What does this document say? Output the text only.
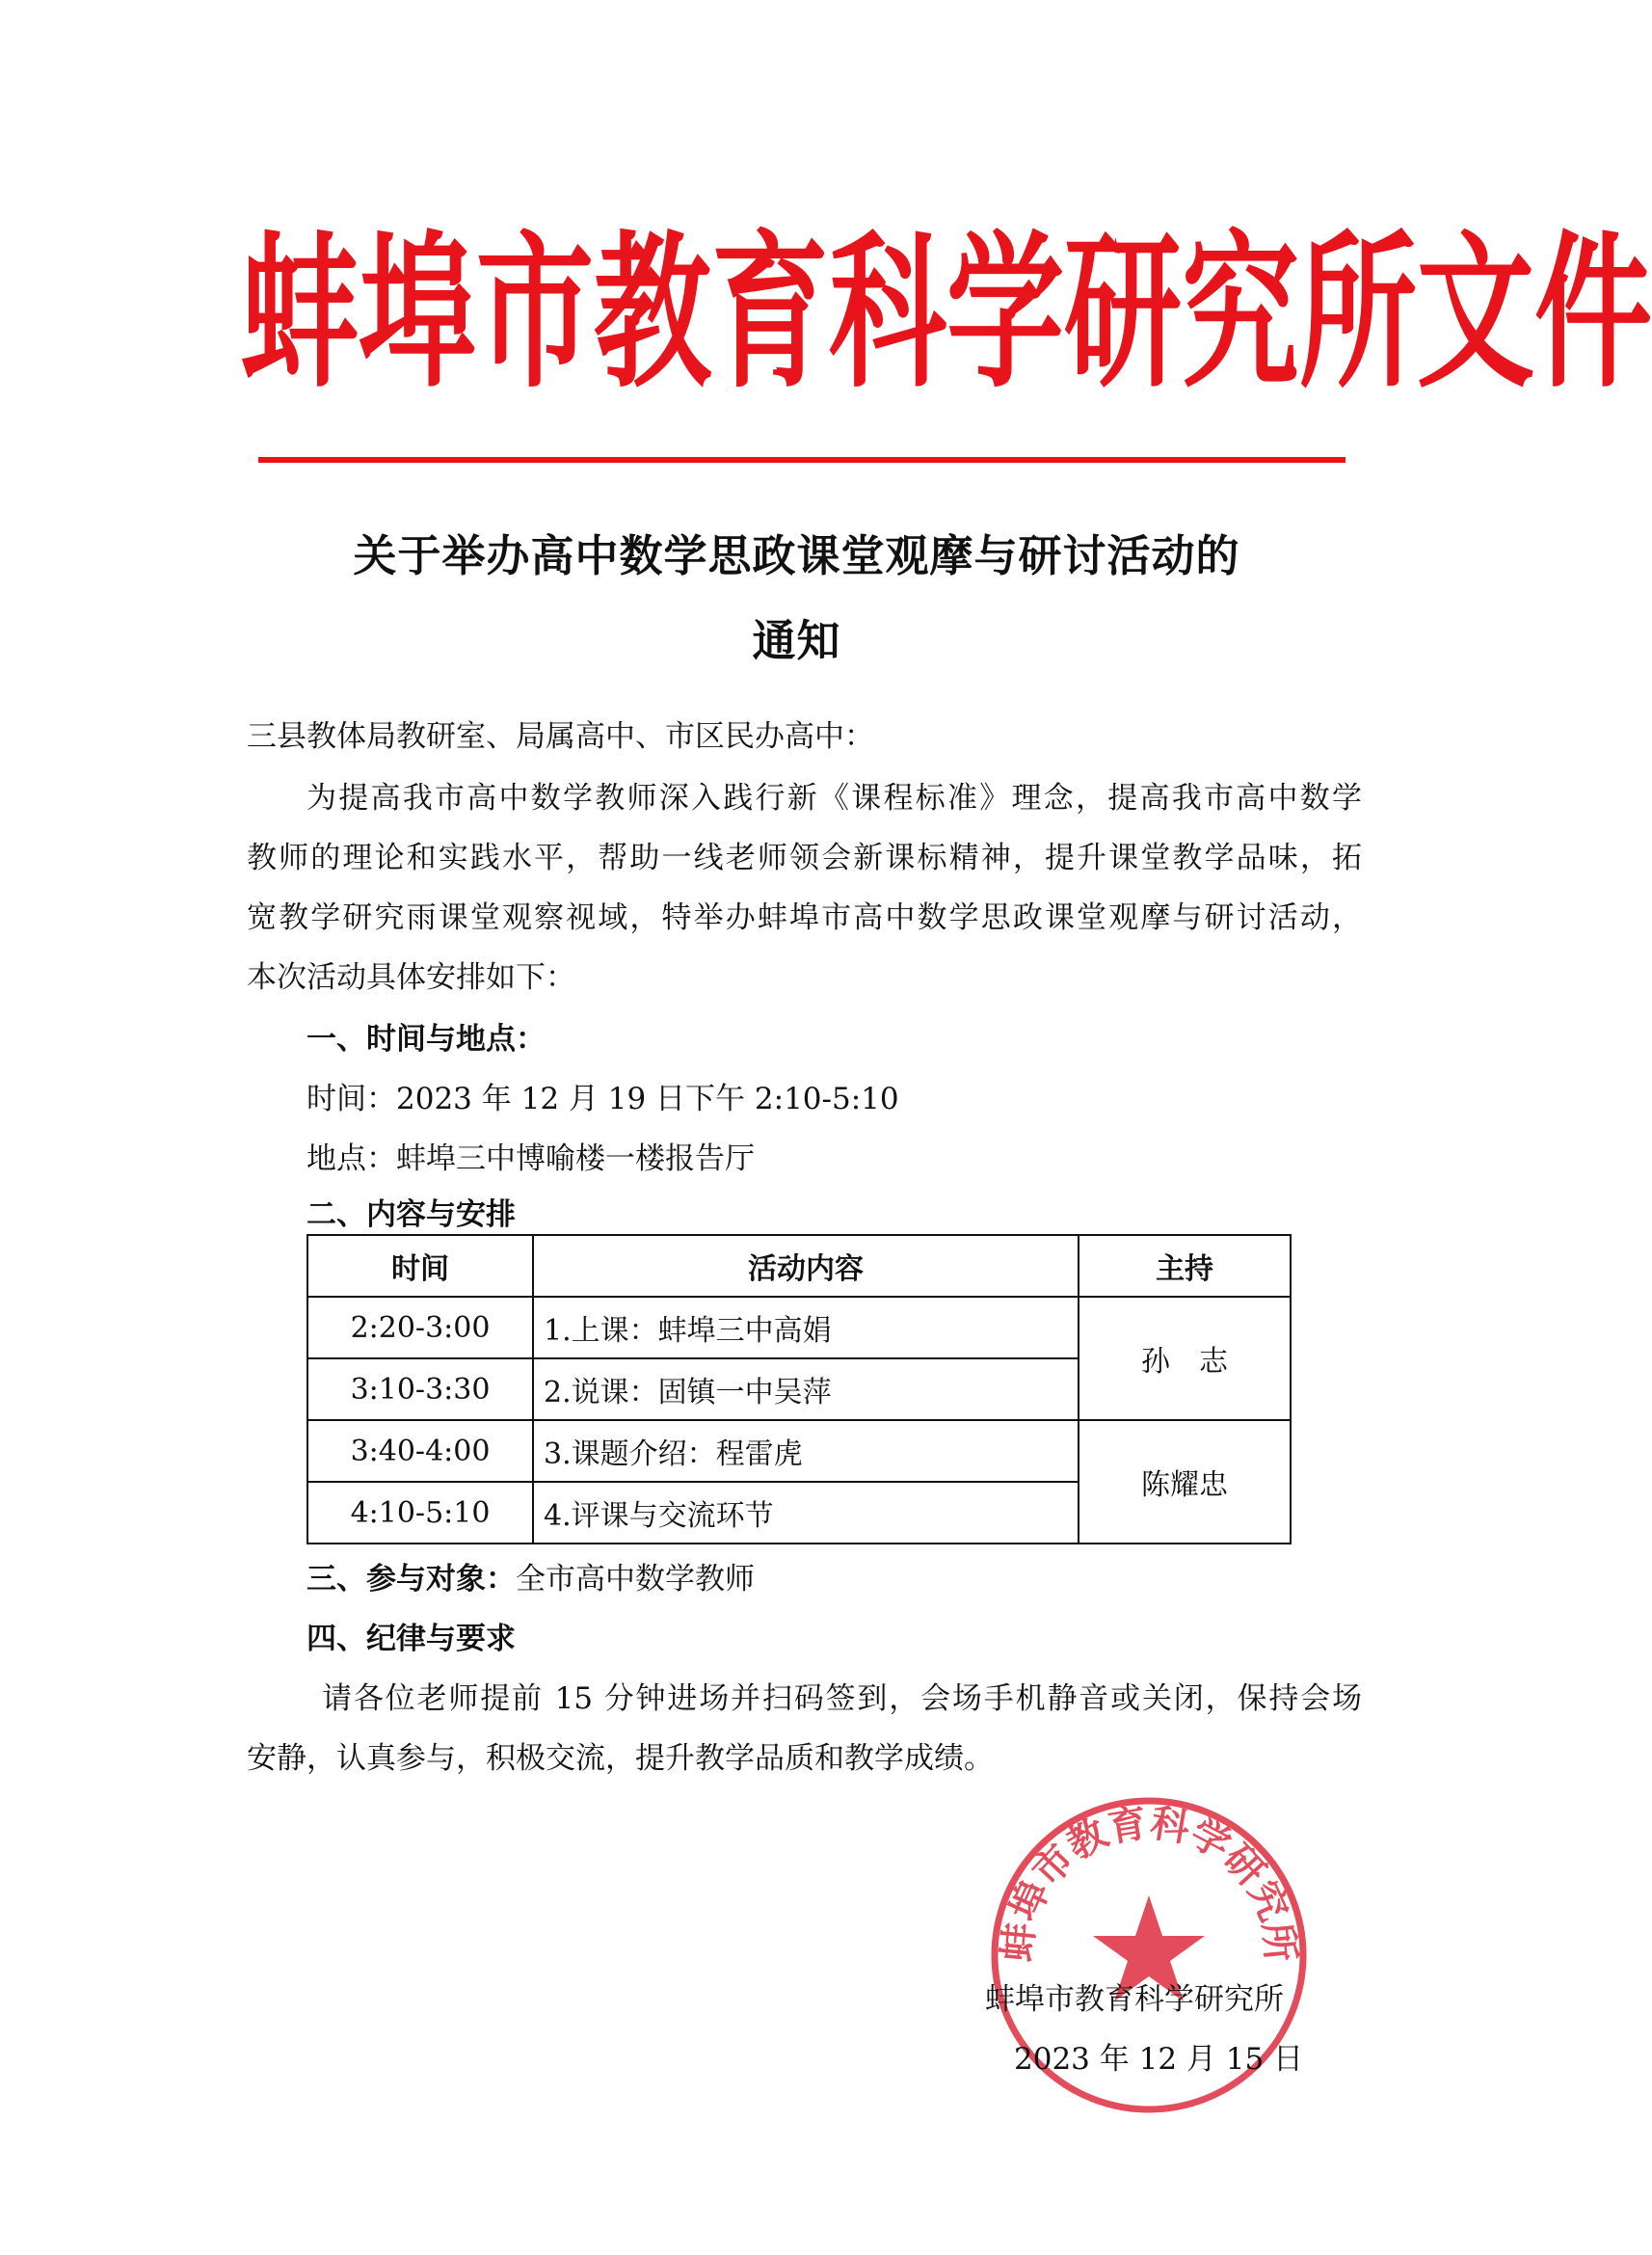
蚌 埠 市 教 育 科 学 研 究 所 文 件
关于举办高中数学思政课堂观摩与研讨活动的
通知
三县教体局教研室、局属高中、市区民办高中：
为提高我市高中数学教师深入践行新《课程标准》理念，提高我市高中数学
教师的理论和实践水平，帮助一线老师领会新课标精神，提升课堂教学品味，拓
宽教学研究雨课堂观察视域，特举办蚌埠市高中数学思政课堂观摩与研讨活动，
本次活动具体安排如下：
一、时间与地点：
时间：2023 年 12 月 19 日下午 2:10-5:10
地点：蚌埠三中博喻楼一楼报告厅
二、内容与安排
时间	活动内容	主持
2:20-3:00	1.上课：蚌埠三中高娟	孙　志
3:10-3:30	2.说课：固镇一中吴萍	
3:40-4:00	3.课题介绍：程雷虎	陈耀忠
4:10-5:10	4.评课与交流环节	
三、参与对象：全市高中数学教师
四、纪律与要求
请各位老师提前 15 分钟进场并扫码签到，会场手机静音或关闭，保持会场
安静，认真参与，积极交流，提升教学品质和教学成绩。
蚌埠市教育科学研究所
蚌埠市教育科学研究所
2023 年 12 月 15 日
